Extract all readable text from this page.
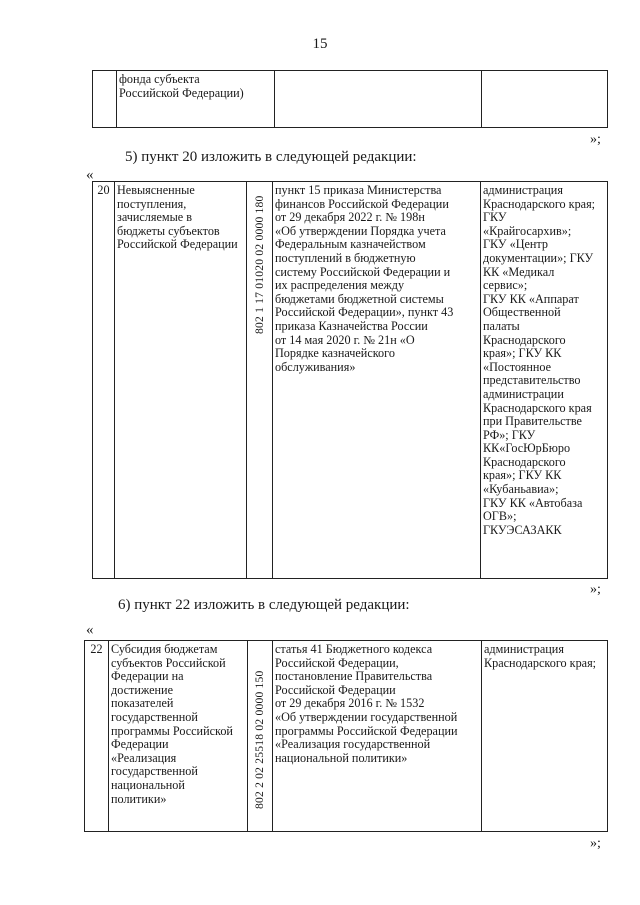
15

фонда субъекта
Российской Федерации)

»;
5) пункт 20 изложить в следующей редакции:
«
20	Невыясненные
поступления,
зачисляемые в
бюджеты субъектов
Российской Федерации	802 1 17 01020 02 0000 180

пункт 15 приказа Министерства
финансов Российской Федерации
от 29 декабря 2022 г. № 198н
«Об утверждении Порядка учета
Федеральным казначейством
поступлений в бюджетную
систему Российской Федерации и
их распределения между
бюджетами бюджетной системы
Российской Федерации», пункт 43
приказа Казначейства России
от 14 мая 2020 г. № 21н «О
Порядке казначейского
обслуживания»

администрация
Краснодарского края;
ГКУ
«Крайгосархив»;
ГКУ «Центр
документации»; ГКУ
КК «Медикал
сервис»;
ГКУ КК «Аппарат
Общественной
палаты
Краснодарского
края»; ГКУ КК
«Постоянное
представительство
администрации
Краснодарского края
при Правительстве
РФ»; ГКУ
КК«ГосЮрБюро
Краснодарского
края»; ГКУ КК
«Кубаньавиа»;
ГКУ КК «Автобаза
ОГВ»;
ГКУЭСАЗАКК
»;
6) пункт 22 изложить в следующей редакции:
«
22	Субсидия бюджетам
субъектов Российской
Федерации на
достижение
показателей
государственной
программы Российской
Федерации
«Реализация
государственной
национальной
политики»	802 2 02 25518 02 0000 150

статья 41 Бюджетного кодекса
Российской Федерации,
постановление Правительства
Российской Федерации
от 29 декабря 2016 г. № 1532
«Об утверждении государственной
программы Российской Федерации
«Реализация государственной
национальной политики»

администрация
Краснодарского края;
»;
